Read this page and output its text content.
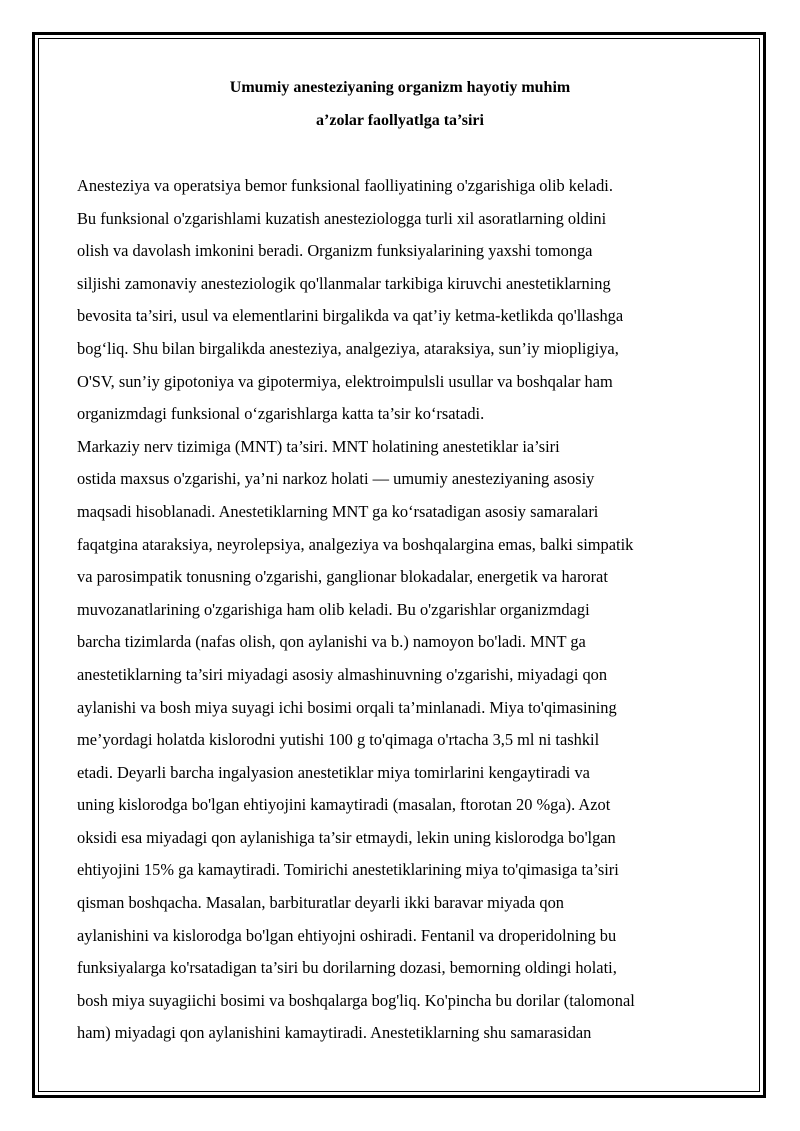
Umumiy anesteziyaning organizm hayotiy muhim
a’zolar faollyatlga ta’siri
Anesteziya va operatsiya bemor funksional faolliyatining o'zgarishiga olib keladi.
Bu funksional o'zgarishlami kuzatish anesteziologga turli xil asoratlarning oldini
olish va davolash imkonini beradi. Organizm funksiyalarining yaxshi tomonga
siljishi zamonaviy anesteziologik qo'llanmalar tarkibiga kiruvchi anestetiklarning
bevosita ta’siri, usul va elementlarini birgalikda va qat’iy ketma-ketlikda qo'llashga
bog‘liq. Shu bilan birgalikda anesteziya, analgeziya, ataraksiya, sun’iy miopligiya,
O'SV, sun’iy gipotoniya va gipotermiya, elektroimpulsli usullar va boshqalar ham
organizmdagi funksional o‘zgarishlarga katta ta’sir ko‘rsatadi.
Markaziy nerv tizimiga (MNT) ta’siri. MNT holatining anestetiklar ia’siri
ostida maxsus o'zgarishi, ya’ni narkoz holati — umumiy anesteziyaning asosiy
maqsadi hisoblanadi. Anestetiklarning MNT ga ko‘rsatadigan asosiy samaralari
faqatgina ataraksiya, neyrolepsiya, analgeziya va boshqalargina emas, balki simpatik
va parosimpatik tonusning o'zgarishi, ganglionar blokadalar, energetik va harorat
muvozanatlarining o'zgarishiga ham olib keladi. Bu o'zgarishlar organizmdagi
barcha tizimlarda (nafas olish, qon aylanishi va b.) namoyon bo'ladi. MNT ga
anestetiklarning ta’siri miyadagi asosiy almashinuvning o'zgarishi, miyadagi qon
aylanishi va bosh miya suyagi ichi bosimi orqali ta’minlanadi. Miya to'qimasining
me’yordagi holatda kislorodni yutishi 100 g to'qimaga o'rtacha 3,5 ml ni tashkil
etadi. Deyarli barcha ingalyasion anestetiklar miya tomirlarini kengaytiradi va
uning kislorodga bo'lgan ehtiyojini kamaytiradi (masalan, ftorotan 20 %ga). Azot
oksidi esa miyadagi qon aylanishiga ta’sir etmaydi, lekin uning kislorodga bo'lgan
ehtiyojini 15% ga kamaytiradi. Tomirichi anestetiklarining miya to'qimasiga ta’siri
qisman boshqacha. Masalan, barbituratlar deyarli ikki baravar miyada qon
aylanishini va kislorodga bo'lgan ehtiyojni oshiradi. Fentanil va droperidolning bu
funksiyalarga ko'rsatadigan ta’siri bu dorilarning dozasi, bemorning oldingi holati,
bosh miya suyagiichi bosimi va boshqalarga bog'liq. Ko'pincha bu dorilar (talomonal
ham) miyadagi qon aylanishini kamaytiradi. Anestetiklarning shu samarasidan
